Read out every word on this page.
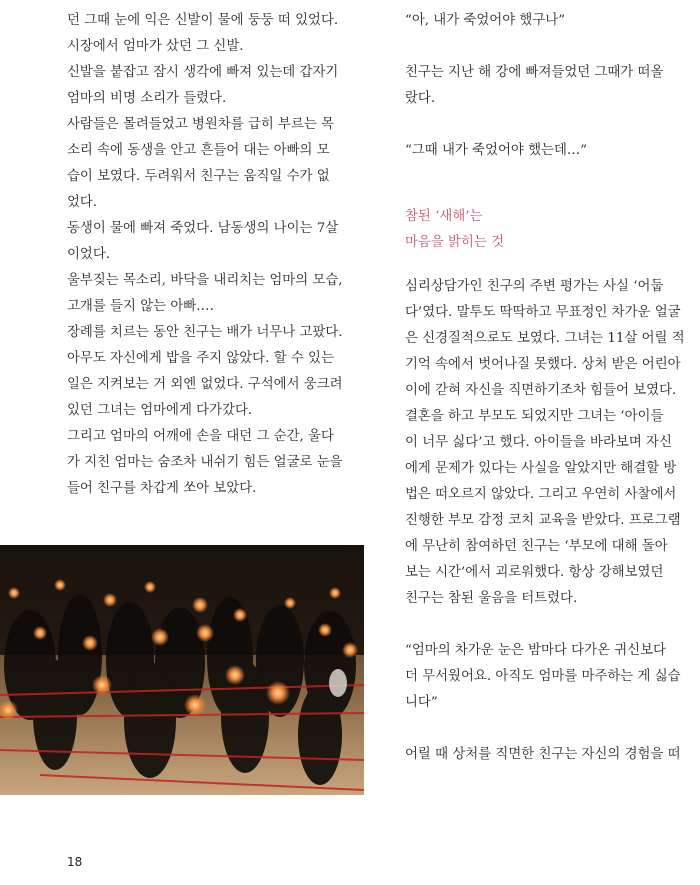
던 그때 눈에 익은 신발이 물에 둥둥 떠 있었다.

시장에서 엄마가 샀던 그 신발.

신발을 붙잡고 잠시 생각에 빠져 있는데 갑자기

엄마의 비명 소리가 들렸다.

사람들은 몰려들었고 병원차를 급히 부르는 목

소리 속에 동생을 안고 흔들어 대는 아빠의 모

습이 보였다. 두려워서 친구는 움직일 수가 없

었다.

동생이 물에 빠져 죽었다. 남동생의 나이는 7살

이었다.

울부짖는 목소리, 바닥을 내리치는 엄마의 모습,

고개를 들지 않는 아빠….

장례를 치르는 동안 친구는 배가 너무나 고팠다.

아무도 자신에게 밥을 주지 않았다. 할 수 있는

일은 지켜보는 거 외엔 없었다. 구석에서 웅크려

있던 그녀는 엄마에게 다가갔다.

그리고 엄마의 어깨에 손을 대던 그 순간, 울다

가 지친 엄마는 숨조차 내쉬기 힘든 얼굴로 눈을

들어 친구를 차갑게 쏘아 보았다.

“아, 내가 죽었어야 했구나”

친구는 지난 해 강에 빠져들었던 그때가 떠올

랐다.

“그때 내가 죽었어야 했는데…”

참된 ‘새해’는

마음을 밝히는 것

심리상담가인 친구의 주변 평가는 사실 ‘어둡

다’였다. 말투도 딱딱하고 무표정인 차가운 얼굴

은 신경질적으로도 보였다. 그녀는 11살 어릴 적

기억 속에서 벗어나질 못했다. 상처 받은 어린아

이에 갇혀 자신을 직면하기조차 힘들어 보였다.

결혼을 하고 부모도 되었지만 그녀는 ‘아이들

이 너무 싫다’고 했다. 아이들을 바라보며 자신

에게 문제가 있다는 사실을 알았지만 해결할 방

법은 떠오르지 않았다. 그리고 우연히 사찰에서

진행한 부모 감정 코치 교육을 받았다. 프로그램

에 무난히 참여하던 친구는 ‘부모에 대해 돌아

보는 시간’에서 괴로워했다. 항상 강해보였던

친구는 참된 울음을 터트렸다.

“엄마의 차가운 눈은 밤마다 다가온 귀신보다

더 무서웠어요. 아직도 엄마를 마주하는 게 싫습

니다”

어릴 때 상처를 직면한 친구는 자신의 경험을 떠

18
